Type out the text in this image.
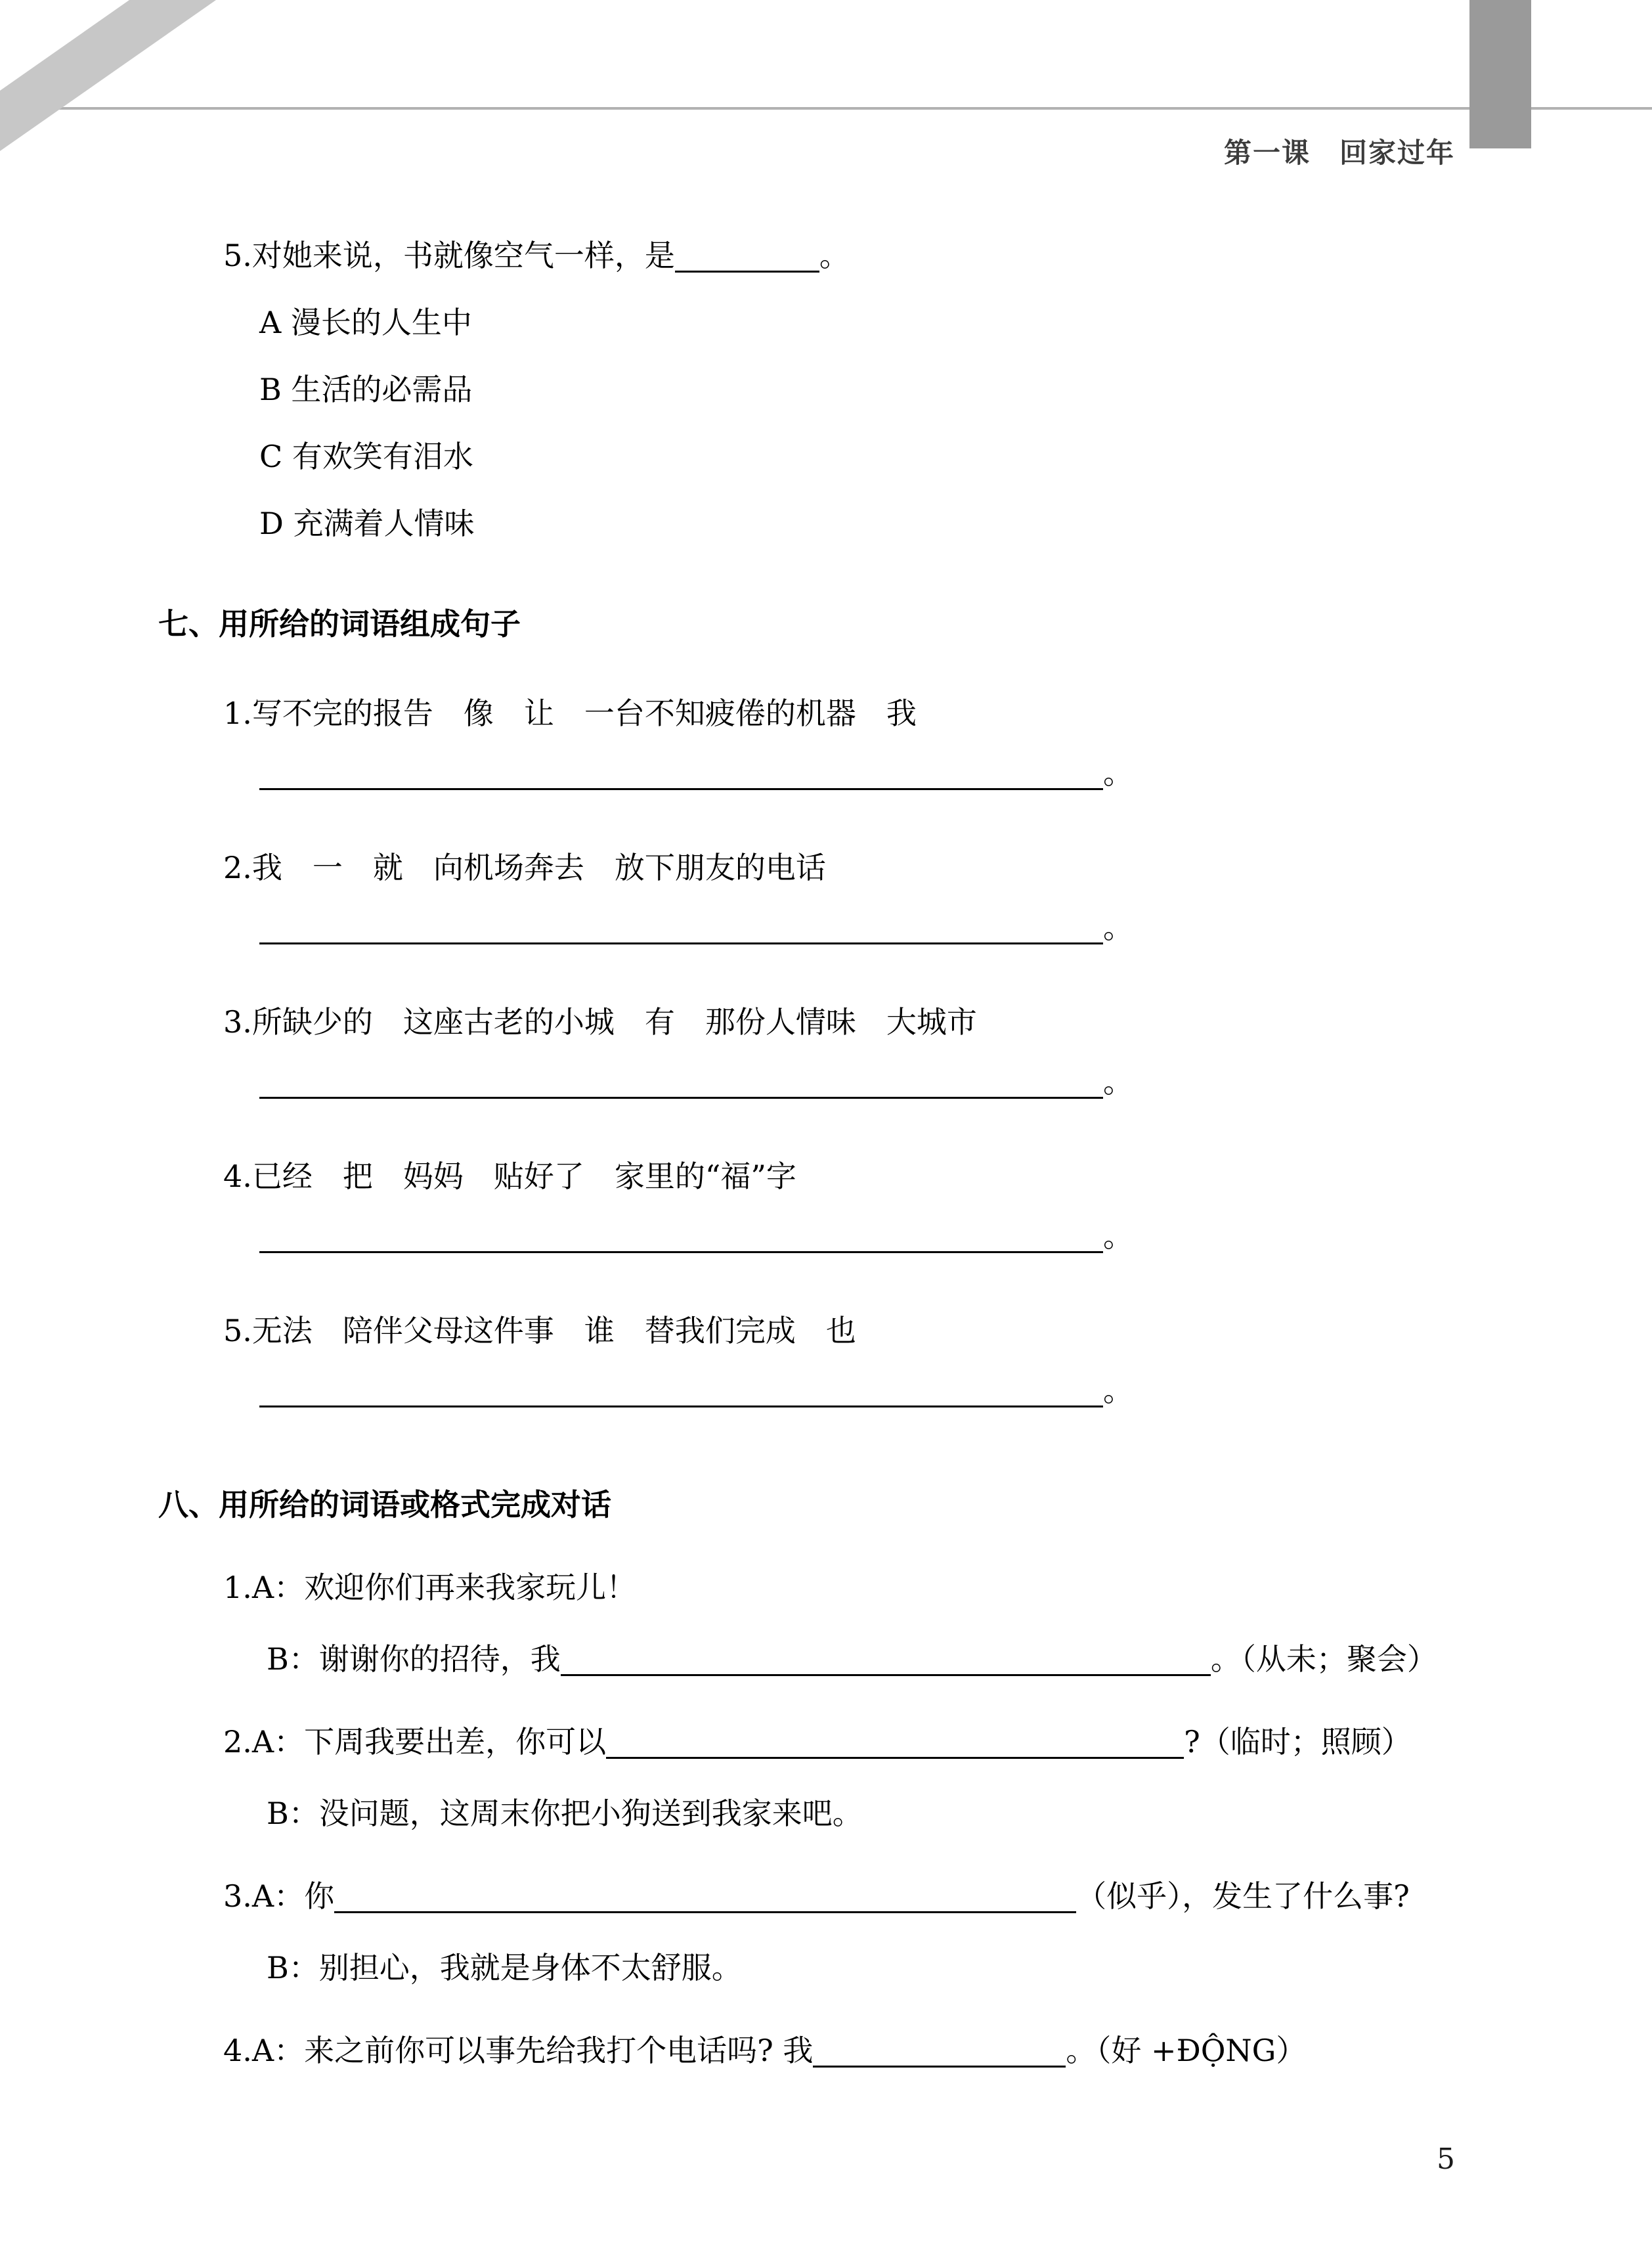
第一课　回家过年
5.对她来说，书就像空气一样，是	。
A 漫长的人生中
B 生活的必需品
C 有欢笑有泪水
D 充满着人情味
七、用所给的词语组成句子
1.写不完的报告　像　让　一台不知疲倦的机器　我
。
2.我　一　就　向机场奔去　放下朋友的电话
。
3.所缺少的　这座古老的小城　有　那份人情味　大城市
。
4.已经　把　妈妈　贴好了　家里的“福”字
。
5.无法　陪伴父母这件事　谁　替我们完成　也
。
八、用所给的词语或格式完成对话
1.A：欢迎你们再来我家玩儿！
B：谢谢你的招待，我	。（从未；聚会）
2.A：下周我要出差，你可以	?（临时；照顾）
B：没问题，这周末你把小狗送到我家来吧。
3.A：你	（似乎），发生了什么事?
B：别担心，我就是身体不太舒服。
4.A：来之前你可以事先给我打个电话吗? 我	。（好 +ĐỘNG）
5
